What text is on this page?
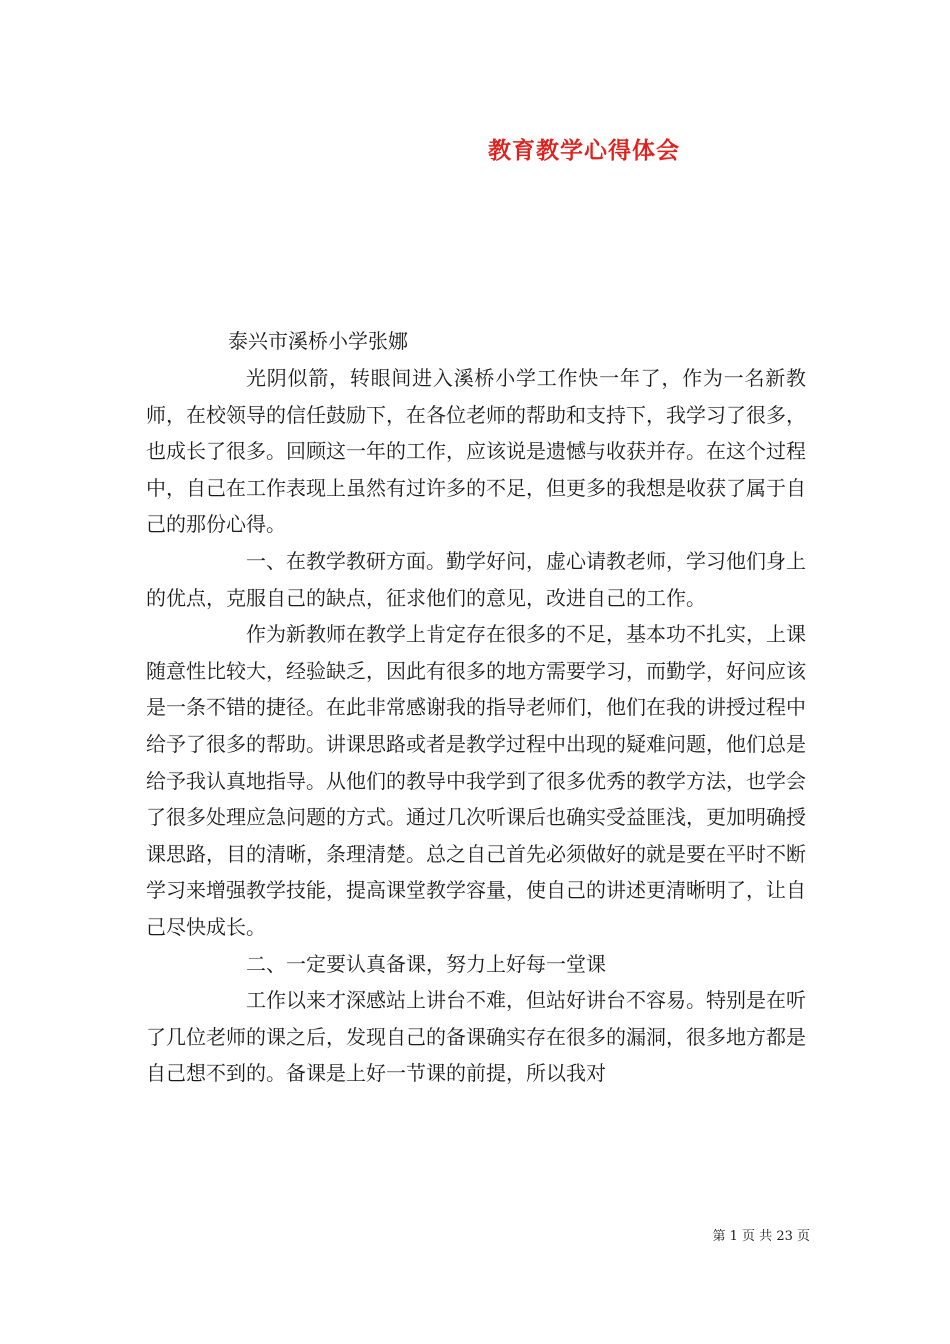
教育教学心得体会
泰兴市溪桥小学张娜

光阴似箭，转眼间进入溪桥小学工作快一年了，作为一名新教师，在校领导的信任鼓励下，在各位老师的帮助和支持下，我学习了很多，也成长了很多。回顾这一年的工作，应该说是遗憾与收获并存。在这个过程中，自己在工作表现上虽然有过许多的不足，但更多的我想是收获了属于自己的那份心得。

一、在教学教研方面。勤学好问，虚心请教老师，学习他们身上的优点，克服自己的缺点，征求他们的意见，改进自己的工作。

作为新教师在教学上肯定存在很多的不足，基本功不扎实，上课随意性比较大，经验缺乏，因此有很多的地方需要学习，而勤学，好问应该是一条不错的捷径。在此非常感谢我的指导老师们，他们在我的讲授过程中给予了很多的帮助。讲课思路或者是教学过程中出现的疑难问题，他们总是给予我认真地指导。从他们的教导中我学到了很多优秀的教学方法，也学会了很多处理应急问题的方式。通过几次听课后也确实受益匪浅，更加明确授课思路，目的清晰，条理清楚。总之自己首先必须做好的就是要在平时不断学习来增强教学技能，提高课堂教学容量，使自己的讲述更清晰明了，让自己尽快成长。

二、一定要认真备课，努力上好每一堂课

工作以来才深感站上讲台不难，但站好讲台不容易。特别是在听了几位老师的课之后，发现自己的备课确实存在很多的漏洞，很多地方都是自己想不到的。备课是上好一节课的前提，所以我对

第 1 页 共 23 页
